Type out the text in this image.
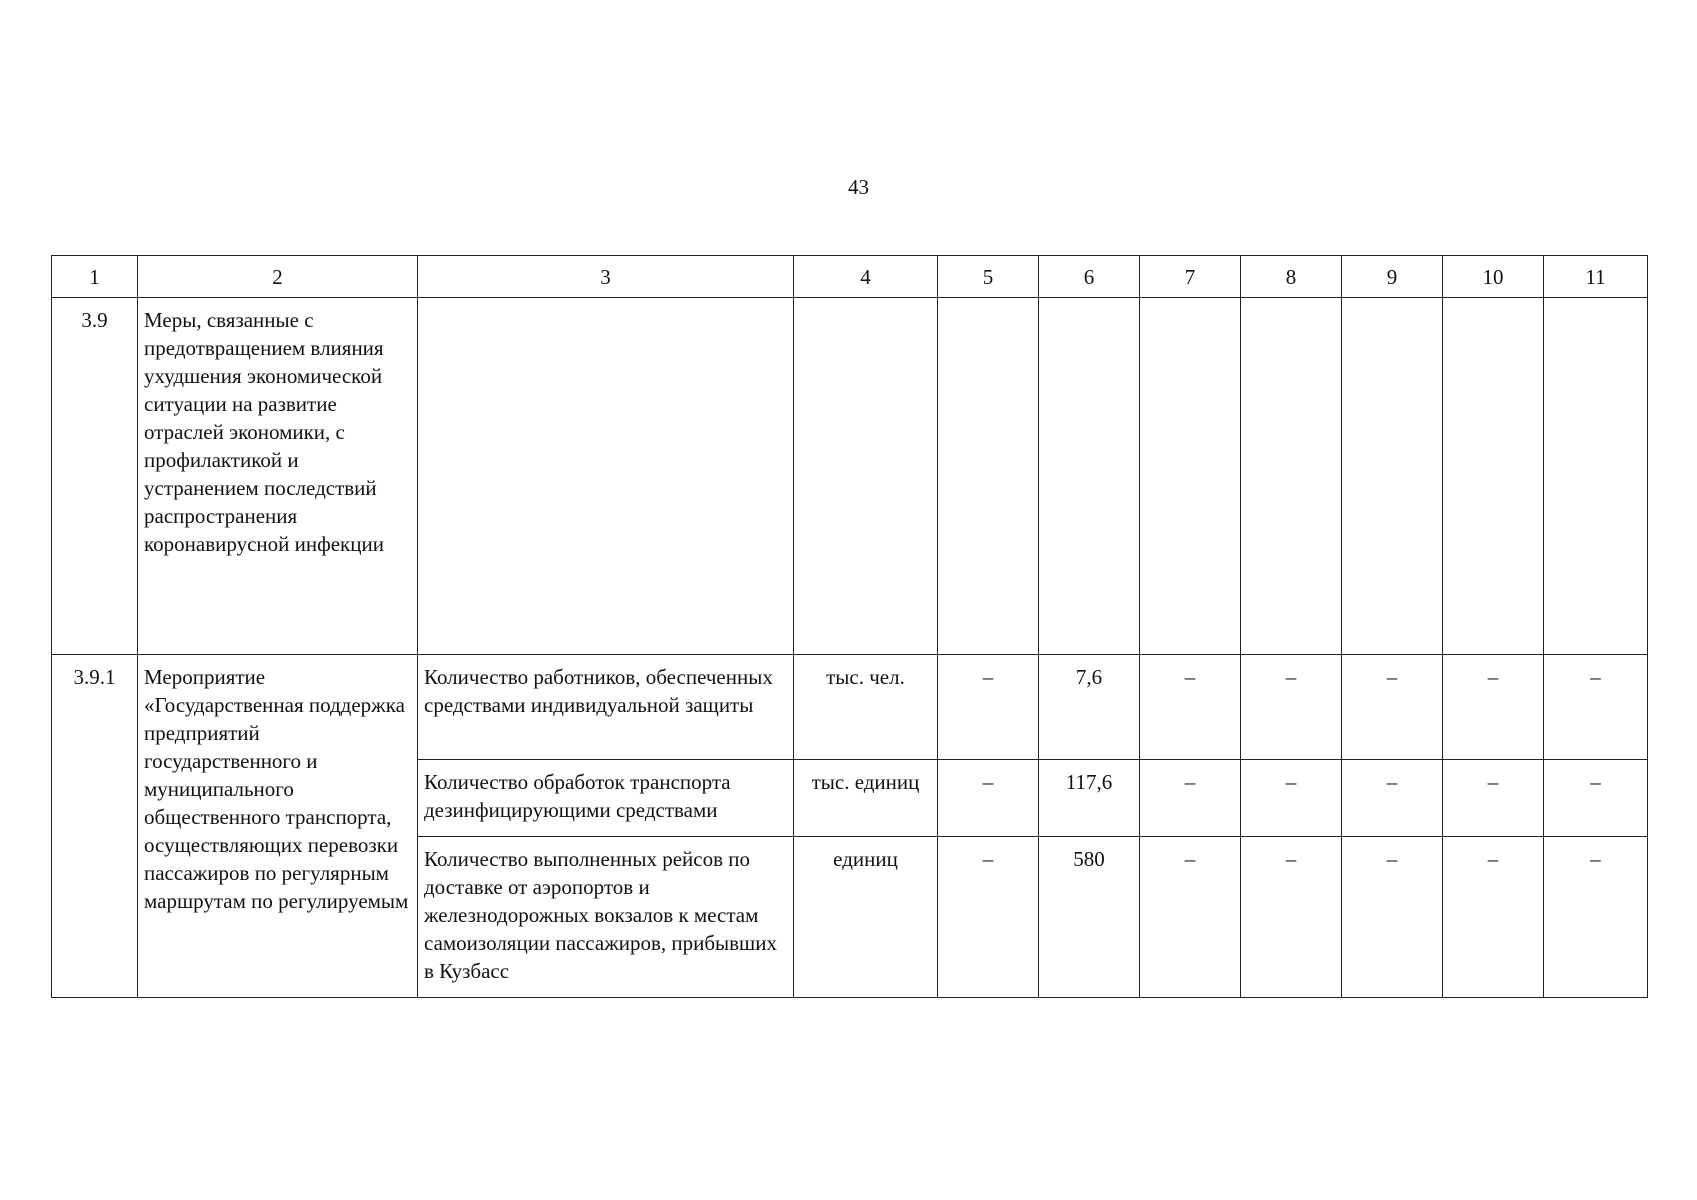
43
1	2	3	4	5	6	7	8	9	10	11
3.9	Меры, связанные с предотвращением влияния ухудшения экономической ситуации на развитие отраслей экономики, с профилактикой и устранением последствий распространения коронавирусной инфекции									
3.9.1	Мероприятие «Государственная поддержка предприятий государственного и муниципального общественного транспорта, осуществляющих перевозки пассажиров по регулярным маршрутам по регулируемым	Количество работников, обеспеченных средствами индивидуальной защиты	тыс. чел.	–	7,6	–	–	–	–	–
		Количество обработок транспорта дезинфицирующими средствами	тыс. единиц	–	117,6	–	–	–	–	–
		Количество выполненных рейсов по доставке от аэропортов и железнодорожных вокзалов к местам самоизоляции пассажиров, прибывших в Кузбасс	единиц	–	580	–	–	–	–	–
